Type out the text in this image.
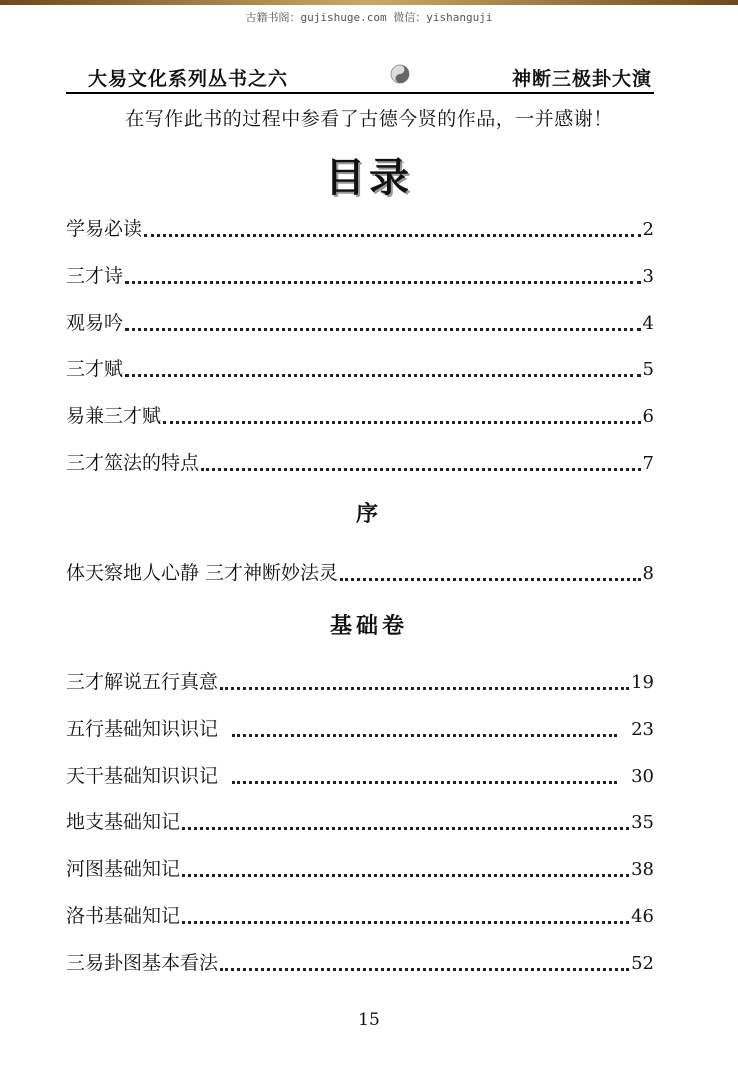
古籍书阁：gujishuge.com 微信：yishanguji
大易文化系列丛书之六	神断三极卦大演
在写作此书的过程中参看了古德今贤的作品，一并感谢！
目录
学易必读	2
三才诗	3
观易吟	4
三才赋	5
易兼三才赋	6
三才筮法的特点	7
序
体天察地人心静 三才神断妙法灵	8
基础卷
三才解说五行真意	19
五行基础知识识记	23
天干基础知识识记	30
地支基础知记	35
河图基础知记	38
洛书基础知记	46
三易卦图基本看法	52
15
